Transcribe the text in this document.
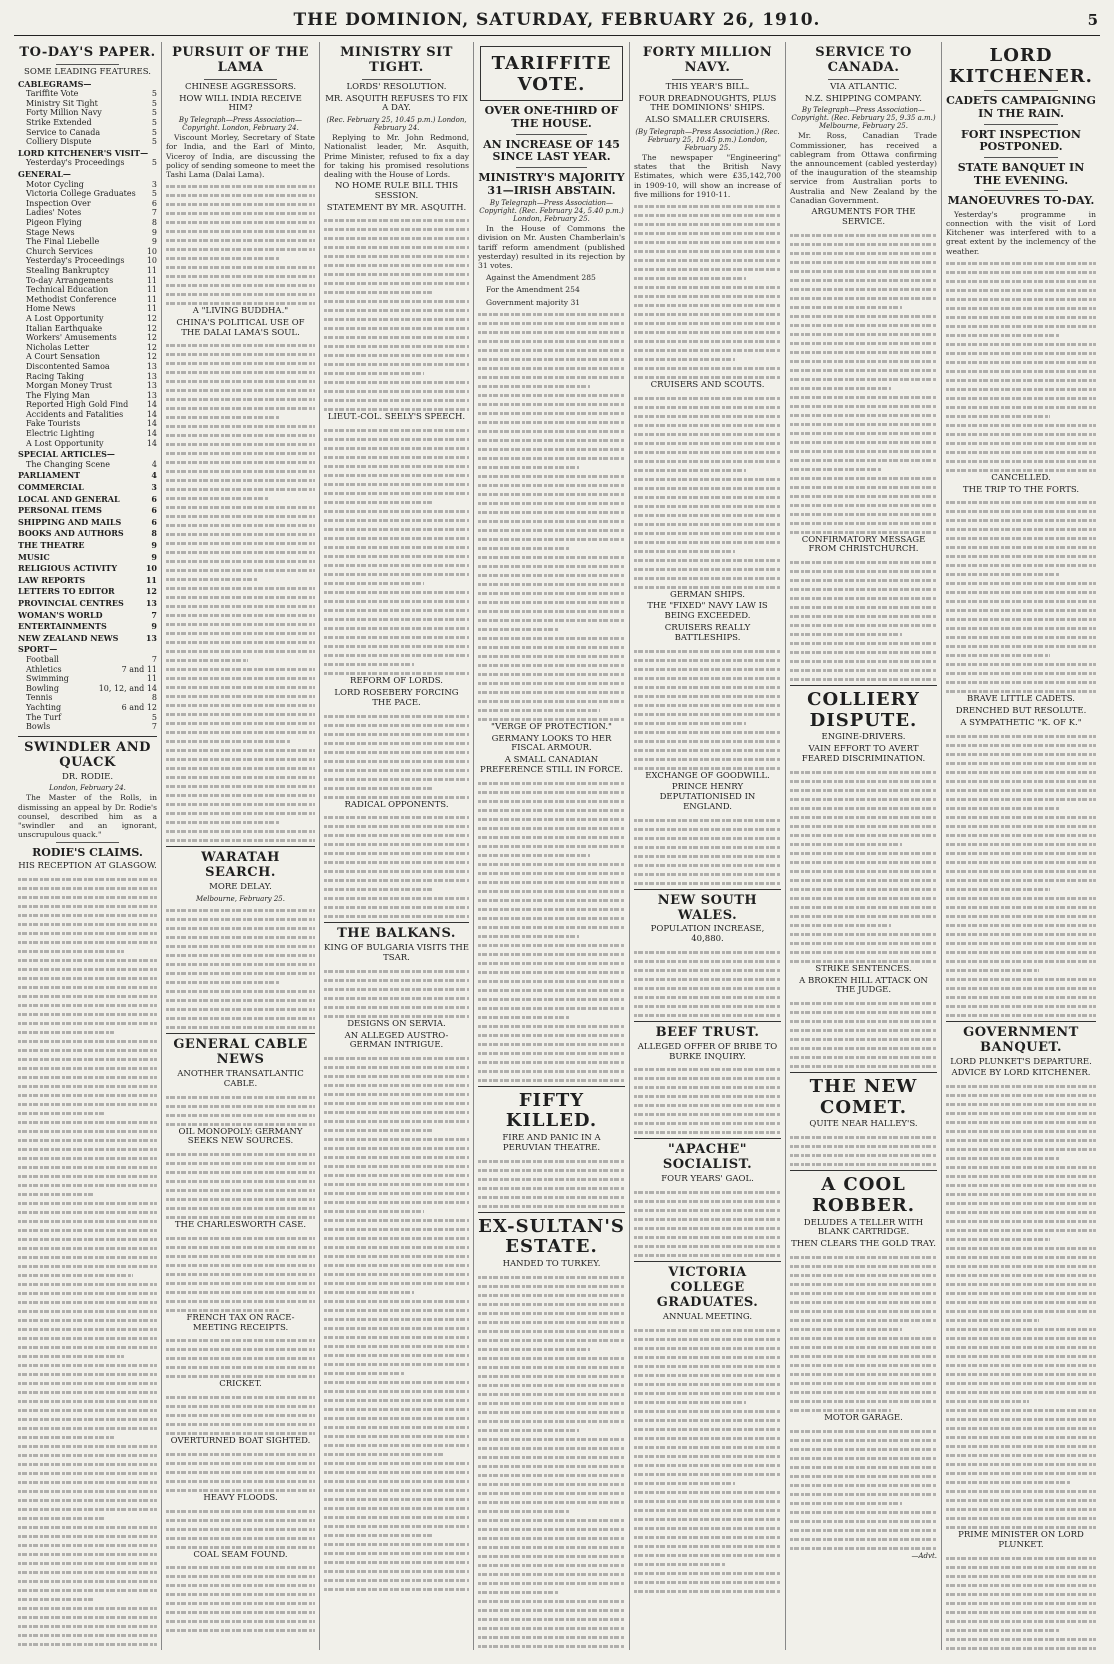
THE DOMINION, SATURDAY, FEBRUARY 26, 1910.	5
TO-DAY'S PAPER.
SOME LEADING FEATURES.
CABLEGRAMS—
Tariffite Vote	5
Ministry Sit Tight	5
Forty Million Navy	5
Strike Extended	5
Service to Canada	5
Colliery Dispute	5
LORD KITCHENER'S VISIT—
Yesterday's Proceedings	5
GENERAL—
Motor Cycling	3
Victoria College Graduates	5
Inspection Over	6
Ladies' Notes	7
Pigeon Flying	8
Stage News	9
The Final Liebelle	9
Church Services	10
Yesterday's Proceedings	10
Stealing Bankruptcy	11
To-day Arrangements	11
Technical Education	11
Methodist Conference	11
Home News	11
A Lost Opportunity	12
Italian Earthquake	12
Workers' Amusements	12
Nicholas Letter	12
A Court Sensation	12
Discontented Samoa	13
Racing Taking	13
Morgan Money Trust	13
The Flying Man	13
Reported High Gold Find	14
Accidents and Fatalities	14
Fake Tourists	14
Electric Lighting	14
A Lost Opportunity	14
SPECIAL ARTICLES—
The Changing Scene	4
PARLIAMENT	4
COMMERCIAL	3
LOCAL AND GENERAL	6
PERSONAL ITEMS	6
SHIPPING AND MAILS	6
BOOKS AND AUTHORS	8
THE THEATRE	9
MUSIC	9
RELIGIOUS ACTIVITY	10
LAW REPORTS	11
LETTERS TO EDITOR	12
PROVINCIAL CENTRES	13
WOMAN'S WORLD	7
ENTERTAINMENTS	9
NEW ZEALAND NEWS	13
SPORT—
Football	7
Athletics	7 and 11
Swimming	11
Bowling	10, 12, and 14
Tennis	8
Yachting	6 and 12
The Turf	5
Bowls	7
SWINDLER AND QUACK
DR. RODIE.
London, February 24.

The Master of the Rolls, in dismissing an appeal by Dr. Rodie's counsel, described him as a "swindler and an ignorant, unscrupulous quack."

RODIE'S CLAIMS.
HIS RECEPTION AT GLASGOW.
PURSUIT OF THE LAMA
CHINESE AGGRESSORS.
HOW WILL INDIA RECEIVE HIM?
By Telegraph—Press Association—Copyright. London, February 24.

Viscount Morley, Secretary of State for India, and the Earl of Minto, Viceroy of India, are discussing the policy of sending someone to meet the Tashi Lama (Dalai Lama).

A "LIVING BUDDHA."
CHINA'S POLITICAL USE OF THE DALAI LAMA'S SOUL.
WARATAH SEARCH.
MORE DELAY.
Melbourne, February 25.
GENERAL CABLE NEWS
ANOTHER TRANSATLANTIC CABLE.
OIL MONOPOLY: GERMANY SEEKS NEW SOURCES.
THE CHARLESWORTH CASE.
FRENCH TAX ON RACE-MEETING RECEIPTS.
CRICKET.
OVERTURNED BOAT SIGHTED.
HEAVY FLOODS.
COAL SEAM FOUND.
MINISTRY SIT TIGHT.
LORDS' RESOLUTION.
MR. ASQUITH REFUSES TO FIX A DAY.
(Rec. February 25, 10.45 p.m.) London, February 24.

Replying to Mr. John Redmond, Nationalist leader, Mr. Asquith, Prime Minister, refused to fix a day for taking his promised resolutions dealing with the House of Lords.

NO HOME RULE BILL THIS SESSION.
STATEMENT BY MR. ASQUITH.
LIEUT.-COL. SEELY'S SPEECH.
REFORM OF LORDS.
LORD ROSEBERY FORCING THE PACE.
RADICAL OPPONENTS.
THE BALKANS.
KING OF BULGARIA VISITS THE TSAR.
DESIGNS ON SERVIA.
AN ALLEGED AUSTRO-GERMAN INTRIGUE.
TARIFFITE VOTE.
OVER ONE-THIRD OF THE HOUSE.
AN INCREASE OF 145 SINCE LAST YEAR.
MINISTRY'S MAJORITY 31—IRISH ABSTAIN.
By Telegraph—Press Association—Copyright. (Rec. February 24, 5.40 p.m.) London, February 25.

In the House of Commons the division on Mr. Austen Chamberlain's tariff reform amendment (published yesterday) resulted in its rejection by 31 votes.

Against the Amendment 285

For the Amendment 254

Government majority 31

"VERGE OF PROTECTION."
GERMANY LOOKS TO HER FISCAL ARMOUR.
A SMALL CANADIAN PREFERENCE STILL IN FORCE.
FIFTY KILLED.
FIRE AND PANIC IN A PERUVIAN THEATRE.
EX-SULTAN'S ESTATE.
HANDED TO TURKEY.
FORTY MILLION NAVY.
THIS YEAR'S BILL.
FOUR DREADNOUGHTS, PLUS THE DOMINIONS' SHIPS.
ALSO SMALLER CRUISERS.
(By Telegraph—Press Association.) (Rec. February 25, 10.45 p.m.) London, February 25.

The newspaper "Engineering" states that the British Navy Estimates, which were £35,142,700 in 1909-10, will show an increase of five millions for 1910-11.

CRUISERS AND SCOUTS.
GERMAN SHIPS.
THE "FIXED" NAVY LAW IS BEING EXCEEDED.
CRUISERS REALLY BATTLESHIPS.
EXCHANGE OF GOODWILL.
PRINCE HENRY DEPUTATIONISED IN ENGLAND.
NEW SOUTH WALES.
POPULATION INCREASE, 40,880.
BEEF TRUST.
ALLEGED OFFER OF BRIBE TO BURKE INQUIRY.
"APACHE" SOCIALIST.
FOUR YEARS' GAOL.
VICTORIA COLLEGE GRADUATES.
ANNUAL MEETING.
SERVICE TO CANADA.
VIA ATLANTIC.
N.Z. SHIPPING COMPANY.
By Telegraph—Press Association—Copyright. (Rec. February 25, 9.35 a.m.) Melbourne, February 25.

Mr. Ross, Canadian Trade Commissioner, has received a cablegram from Ottawa confirming the announcement (cabled yesterday) of the inauguration of the steamship service from Australian ports to Australia and New Zealand by the Canadian Government.

ARGUMENTS FOR THE SERVICE.
CONFIRMATORY MESSAGE FROM CHRISTCHURCH.
COLLIERY DISPUTE.
ENGINE-DRIVERS.
VAIN EFFORT TO AVERT FEARED DISCRIMINATION.
STRIKE SENTENCES.
A BROKEN HILL ATTACK ON THE JUDGE.
THE NEW COMET.
QUITE NEAR HALLEY'S.
A COOL ROBBER.
DELUDES A TELLER WITH BLANK CARTRIDGE.
THEN CLEARS THE GOLD TRAY.
MOTOR GARAGE.
—Advt.
LORD KITCHENER.
CADETS CAMPAIGNING IN THE RAIN.
FORT INSPECTION POSTPONED.
STATE BANQUET IN THE EVENING.
MANOEUVRES TO-DAY.

Yesterday's programme in connection with the visit of Lord Kitchener was interfered with to a great extent by the inclemency of the weather.

CANCELLED.
THE TRIP TO THE FORTS.
BRAVE LITTLE CADETS.
DRENCHED BUT RESOLUTE.
A SYMPATHETIC "K. OF K."
GOVERNMENT BANQUET.
LORD PLUNKET'S DEPARTURE.
ADVICE BY LORD KITCHENER.
PRIME MINISTER ON LORD PLUNKET.
